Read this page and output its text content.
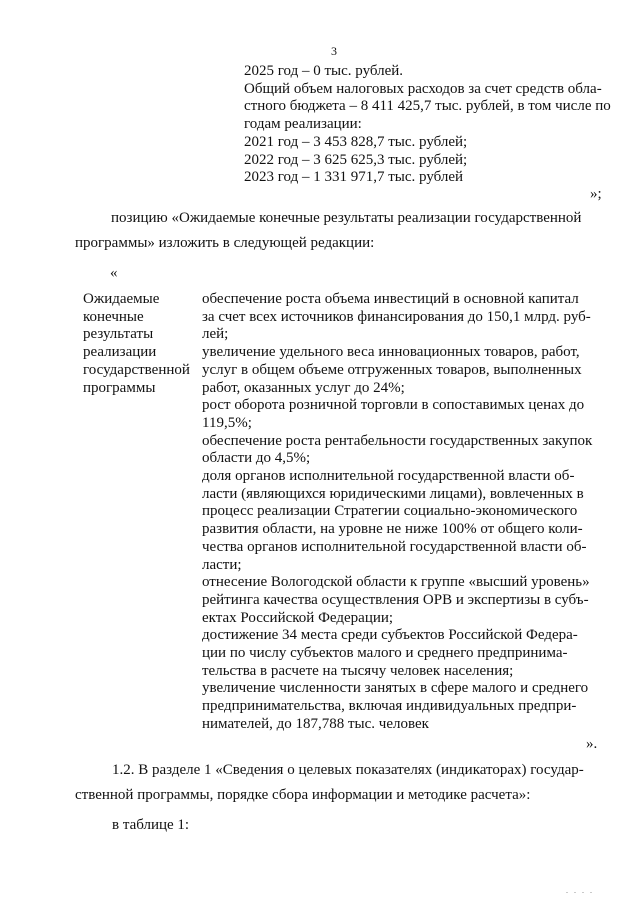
3
2025 год – 0 тыс. рублей.
Общий объем налоговых расходов за счет средств обла-
стного бюджета – 8 411 425,7 тыс. рублей, в том числе по
годам реализации:
2021 год – 3 453 828,7 тыс. рублей;
2022 год – 3 625 625,3 тыс. рублей;
2023 год – 1 331 971,7 тыс. рублей
»;
позицию «Ожидаемые конечные результаты реализации государственной
программы» изложить в следующей редакции:
«
Ожидаемые
конечные
результаты
реализации
государственной
программы
обеспечение роста объема инвестиций в основной капитал
за счет всех источников финансирования до 150,1 млрд. руб-
лей;
увеличение удельного веса инновационных товаров, работ,
услуг в общем объеме отгруженных товаров, выполненных
работ, оказанных услуг до 24%;
рост оборота розничной торговли в сопоставимых ценах до
119,5%;
обеспечение роста рентабельности государственных закупок
области до 4,5%;
доля органов исполнительной государственной власти об-
ласти (являющихся юридическими лицами), вовлеченных в
процесс реализации Стратегии социально-экономического
развития области, на уровне не ниже 100% от общего коли-
чества органов исполнительной государственной власти об-
ласти;
отнесение Вологодской области к группе «высший уровень»
рейтинга качества осуществления ОРВ и экспертизы в субъ-
ектах Российской Федерации;
достижение 34 места среди субъектов Российской Федера-
ции по числу субъектов малого и среднего предпринима-
тельства в расчете на тысячу человек населения;
увеличение численности занятых в сфере малого и среднего
предпринимательства, включая индивидуальных предпри-
нимателей, до 187,788 тыс. человек
».
1.2. В разделе 1 «Сведения о целевых показателях (индикаторах) государ-
ственной программы, порядке сбора информации и методике расчета»:
в таблице 1:
. . . .
